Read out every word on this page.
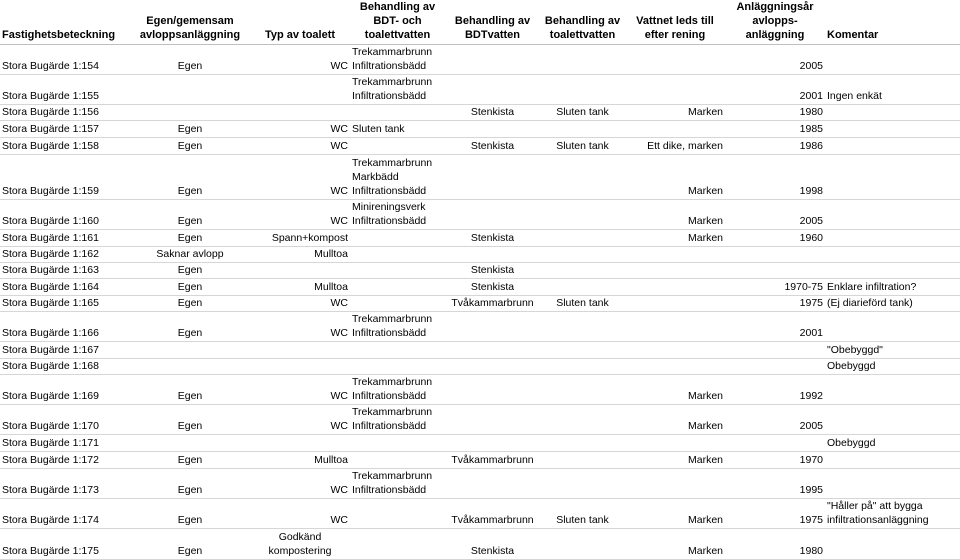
Fastighetsbeteckning	Egen/gemensam avloppsanläggning	Typ av toalett	Behandling av BDT- och toalettvatten	Behandling av BDTvatten	Behandling av toalettvatten	Vattnet leds till efter rening	Anläggningsår avlopps-anläggning	Komentar
Stora Bugärde 1:154	Egen	WC	Trekammarbrunn Infiltrationsbädd				2005	
Stora Bugärde 1:155			Trekammarbrunn Infiltrationsbädd				2001	Ingen enkät
Stora Bugärde 1:156				Stenkista	Sluten tank	Marken	1980	
Stora Bugärde 1:157	Egen	WC	Sluten tank				1985	
Stora Bugärde 1:158	Egen	WC		Stenkista	Sluten tank	Ett dike, marken	1986	
Stora Bugärde 1:159	Egen	WC	Trekammarbrunn Markbädd Infiltrationsbädd			Marken	1998	
Stora Bugärde 1:160	Egen	WC	Minireningsverk Infiltrationsbädd			Marken	2005	
Stora Bugärde 1:161	Egen	Spann+kompost		Stenkista		Marken	1960	
Stora Bugärde 1:162	Saknar avlopp	Mulltoa						
Stora Bugärde 1:163	Egen			Stenkista				
Stora Bugärde 1:164	Egen	Mulltoa		Stenkista			1970-75	Enklare infiltration?
Stora Bugärde 1:165	Egen	WC		Tvåkammarbrunn	Sluten tank		1975	(Ej diarieförd tank)
Stora Bugärde 1:166	Egen	WC	Trekammarbrunn Infiltrationsbädd				2001	
Stora Bugärde 1:167								"Obebyggd"
Stora Bugärde 1:168								Obebyggd
Stora Bugärde 1:169	Egen	WC	Trekammarbrunn Infiltrationsbädd			Marken	1992	
Stora Bugärde 1:170	Egen	WC	Trekammarbrunn Infiltrationsbädd			Marken	2005	
Stora Bugärde 1:171								Obebyggd
Stora Bugärde 1:172	Egen	Mulltoa		Tvåkammarbrunn		Marken	1970	
Stora Bugärde 1:173	Egen	WC	Trekammarbrunn Infiltrationsbädd				1995	
Stora Bugärde 1:174	Egen	WC		Tvåkammarbrunn	Sluten tank	Marken	1975	"Håller på" att bygga infiltrationsanläggning
Stora Bugärde 1:175	Egen	Godkänd kompostering		Stenkista		Marken	1980	
